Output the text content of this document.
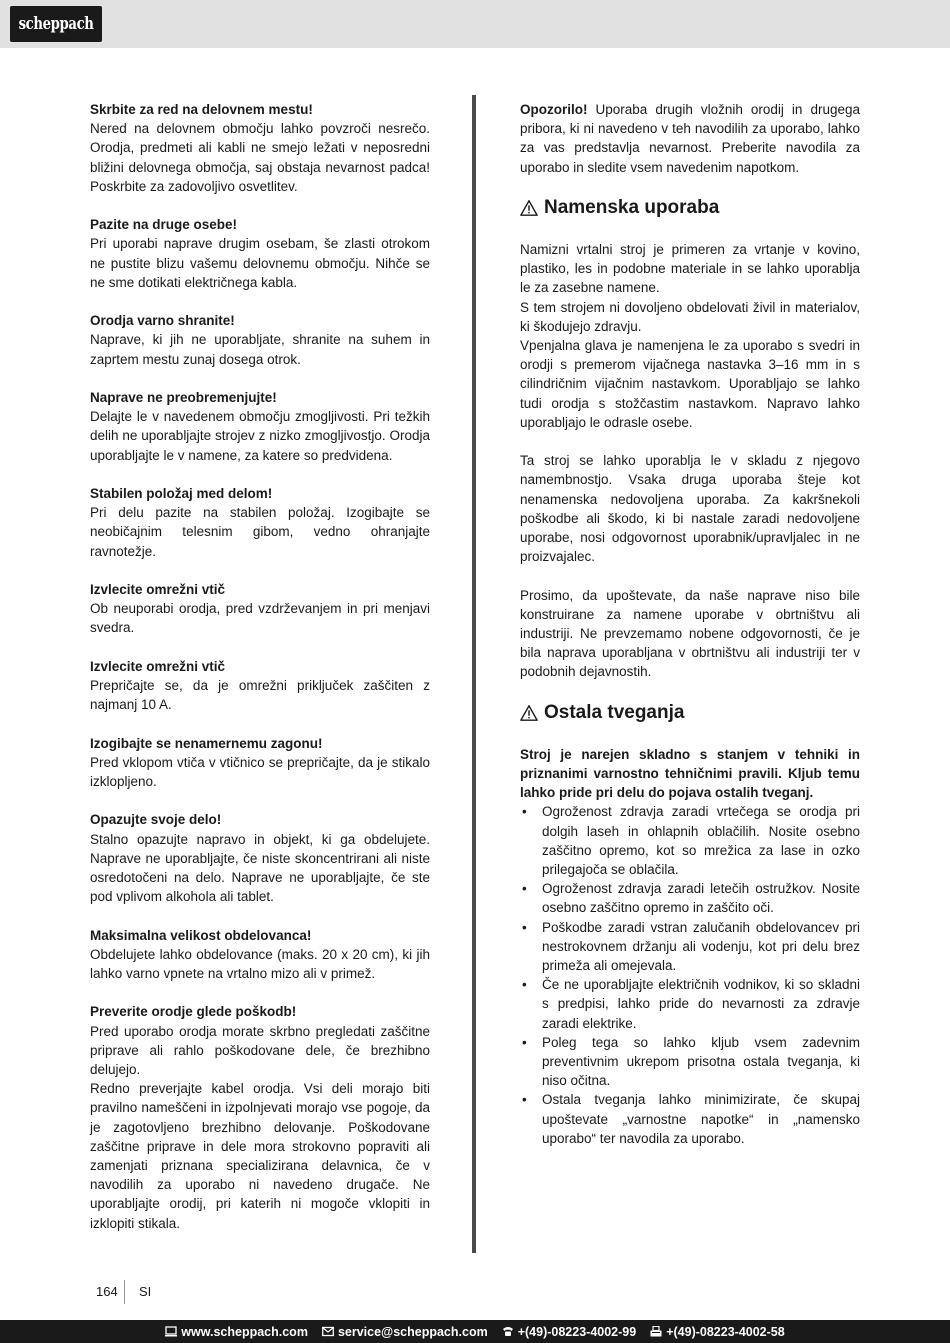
scheppach
Skrbite za red na delovnem mestu!

Nered na delovnem območju lahko povzroči nesrečo. Orodja, predmeti ali kabli ne smejo ležati v neposredni bližini delovnega območja, saj obstaja nevarnost padca! Poskrbite za zadovoljivo osvetlitev.

Pazite na druge osebe!

Pri uporabi naprave drugim osebam, še zlasti otrokom ne pustite blizu vašemu delovnemu območju. Nihče se ne sme dotikati električnega kabla.

Orodja varno shranite!

Naprave, ki jih ne uporabljate, shranite na suhem in zaprtem mestu zunaj dosega otrok.

Naprave ne preobremenjujte!

Delajte le v navedenem območju zmogljivosti. Pri težkih delih ne uporabljajte strojev z nizko zmogljivostjo. Orodja uporabljajte le v namene, za katere so predvidena.

Stabilen položaj med delom!

Pri delu pazite na stabilen položaj. Izogibajte se neobičajnim telesnim gibom, vedno ohranjajte ravnotežje.

Izvlecite omrežni vtič

Ob neuporabi orodja, pred vzdrževanjem in pri menjavi svedra.

Izvlecite omrežni vtič

Prepričajte se, da je omrežni priključek zaščiten z najmanj 10 A.

Izogibajte se nenamernemu zagonu!

Pred vklopom vtiča v vtičnico se prepričajte, da je stikalo izklopljeno.

Opazujte svoje delo!

Stalno opazujte napravo in objekt, ki ga obdelujete. Naprave ne uporabljajte, če niste skoncentrirani ali niste osredotočeni na delo. Naprave ne uporabljajte, če ste pod vplivom alkohola ali tablet.

Maksimalna velikost obdelovanca!

Obdelujete lahko obdelovance (maks. 20 x 20 cm), ki jih lahko varno vpnete na vrtalno mizo ali v primež.

Preverite orodje glede poškodb!

Pred uporabo orodja morate skrbno pregledati zaščitne priprave ali rahlo poškodovane dele, če brezhibno delujejo.

Redno preverjajte kabel orodja. Vsi deli morajo biti pravilno nameščeni in izpolnjevati morajo vse pogoje, da je zagotovljeno brezhibno delovanje. Poškodovane zaščitne priprave in dele mora strokovno popraviti ali zamenjati priznana specializirana delavnica, če v navodilih za uporabo ni navedeno drugače. Ne uporabljajte orodij, pri katerih ni mogoče vklopiti in izklopiti stikala.

Opozorilo! Uporaba drugih vložnih orodij in drugega pribora, ki ni navedeno v teh navodilih za uporabo, lahko za vas predstavlja nevarnost. Preberite navodila za uporabo in sledite vsem navedenim napotkom.

Namenska uporaba

Namizni vrtalni stroj je primeren za vrtanje v kovino, plastiko, les in podobne materiale in se lahko uporablja le za zasebne namene.

S tem strojem ni dovoljeno obdelovati živil in materialov, ki škodujejo zdravju.

Vpenjalna glava je namenjena le za uporabo s svedri in orodji s premerom vijačnega nastavka 3–16 mm in s cilindričnim vijačnim nastavkom. Uporabljajo se lahko tudi orodja s stožčastim nastavkom. Napravo lahko uporabljajo le odrasle osebe.

Ta stroj se lahko uporablja le v skladu z njegovo namembnostjo. Vsaka druga uporaba šteje kot nenamenska nedovoljena uporaba. Za kakršnekoli poškodbe ali škodo, ki bi nastale zaradi nedovoljene uporabe, nosi odgovornost uporabnik/upravljalec in ne proizvajalec.

Prosimo, da upoštevate, da naše naprave niso bile konstruirane za namene uporabe v obrtništvu ali industriji. Ne prevzemamo nobene odgovornosti, če je bila naprava uporabljana v obrtništvu ali industriji ter v podobnih dejavnostih.

Ostala tveganja

Stroj je narejen skladno s stanjem v tehniki in priznanimi varnostno tehničnimi pravili. Kljub temu lahko pride pri delu do pojava ostalih tveganj.

• Ogroženost zdravja zaradi vrtečega se orodja pri dolgih laseh in ohlapnih oblačilih. Nosite osebno zaščitno opremo, kot so mrežica za lase in ozko prilegajoča se oblačila.
• Ogroženost zdravja zaradi letečih ostružkov. Nosite osebno zaščitno opremo in zaščito oči.
• Poškodbe zaradi vstran zalučanih obdelovancev pri nestrokovnem držanju ali vodenju, kot pri delu brez primeža ali omejevala.
• Če ne uporabljajte električnih vodnikov, ki so skladni s predpisi, lahko pride do nevarnosti za zdravje zaradi elektrike.
• Poleg tega so lahko kljub vsem zadevnim preventivnim ukrepom prisotna ostala tveganja, ki niso očitna.
• Ostala tveganja lahko minimizirate, če skupaj upoštevate „varnostne napotke“ in „namensko uporabo“ ter navodila za uporabo.
164 SI
www.scheppach.com service@scheppach.com +(49)-08223-4002-99 +(49)-08223-4002-58
